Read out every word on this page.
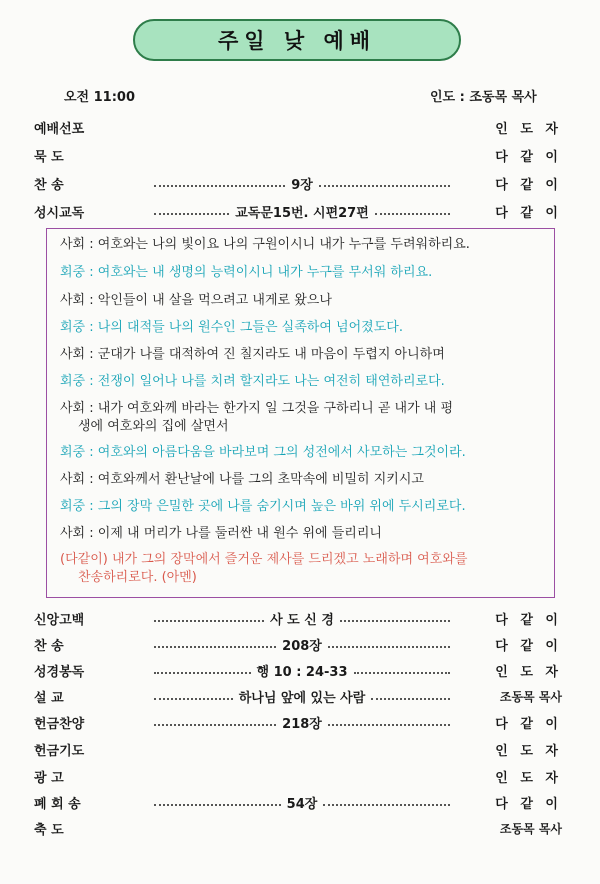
주일 낮 예배
오전 11:00	인도 : 조동목 목사
예배선포	인 도 자
묵 도	다 같 이
찬 송	9장	다 같 이
성시교독	교독문15번. 시편27편	다 같 이
사회 : 여호와는 나의 빛이요 나의 구원이시니 내가 누구를 두려워하리요.
회중 : 여호와는 내 생명의 능력이시니 내가 누구를 무서워 하리요.
사회 : 악인들이 내 살을 먹으려고 내게로 왔으나
회중 : 나의 대적들 나의 원수인 그들은 실족하여 넘어졌도다.
사회 : 군대가 나를 대적하여 진 칠지라도 내 마음이 두렵지 아니하며
회중 : 전쟁이 일어나 나를 치려 할지라도 나는 여전히 태연하리로다.
사회 : 내가 여호와께 바라는 한가지 일 그것을 구하리니 곧 내가 내 평
생에 여호와의 집에 살면서
회중 : 여호와의 아름다움을 바라보며 그의 성전에서 사모하는 그것이라.
사회 : 여호와께서 환난날에 나를 그의 초막속에 비밀히 지키시고
회중 : 그의 장막 은밀한 곳에 나를 숨기시며 높은 바위 위에 두시리로다.
사회 : 이제 내 머리가 나를 둘러싼 내 원수 위에 들리리니
(다같이) 내가 그의 장막에서 즐거운 제사를 드리겠고 노래하며 여호와를
찬송하리로다. (아멘)
신앙고백	사 도 신 경	다 같 이
찬 송	208장	다 같 이
성경봉독	행 10 : 24-33	인 도 자
설 교	하나님 앞에 있는 사람	조동목 목사
헌금찬양	218장	다 같 이
헌금기도	인 도 자
광 고	인 도 자
폐 회 송	54장	다 같 이
축 도	조동목 목사
